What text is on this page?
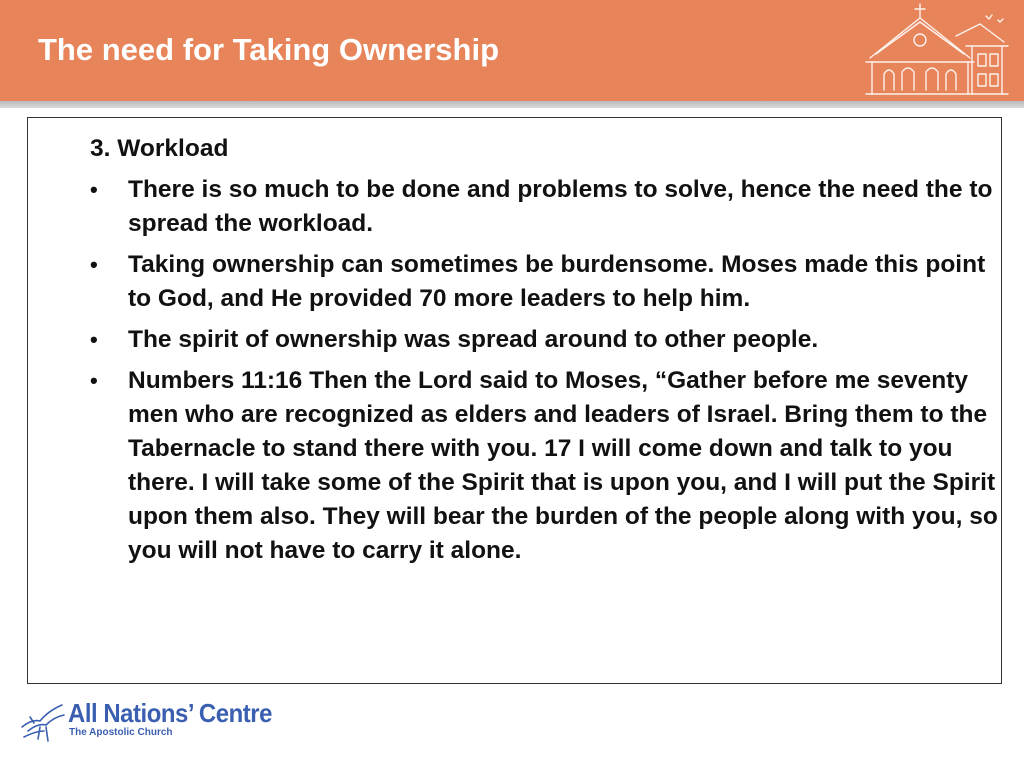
The need for Taking Ownership
3. Workload
• There is so much to be done and problems to solve, hence the need the to spread the workload.
• Taking ownership can sometimes be burdensome. Moses made this point to God, and He provided 70 more leaders to help him.
• The spirit of ownership was spread around to other people.
• Numbers 11:16 Then the Lord said to Moses, “Gather before me seventy men who are recognized as elders and leaders of Israel. Bring them to the Tabernacle to stand there with you. 17 I will come down and talk to you there. I will take some of the Spirit that is upon you, and I will put the Spirit upon them also. They will bear the burden of the people along with you, so you will not have to carry it alone.
All Nations’ Centre
The Apostolic Church
